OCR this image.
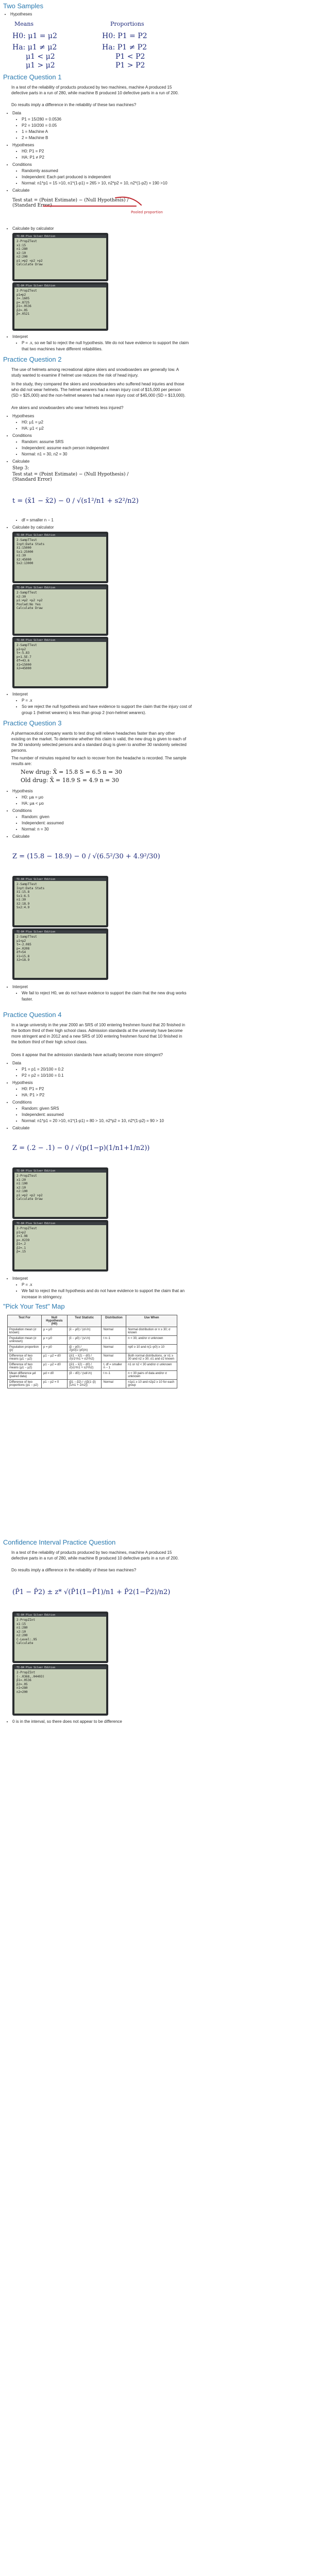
Two Samples
• Hypotheses
Means
H0: μ1 = μ2
Ha: μ1 ≠ μ2
μ1 < μ2
μ1 > μ2
Proportions
H0: P1 = P2
Ha: P1 ≠ P2
P1 < P2
P1 > P2
Practice Question 1
In a test of the reliability of products produced by two machines, machine A produced 15 defective parts in a run of 280, while machine B produced 10 defective parts in a run of 200.
Do results imply a difference in the reliability of these two machines?
• Data
• P1 = 15/280 = 0.0536
• P2 = 10/200 = 0.05
• 1 = Machine A
• 2 = Machine B
• Hypotheses
• H0: P1 = P2
• HA: P1 ≠ P2
• Conditions
• Randomly assumed
• Independent: Each part produced is independent
• Normal: n1*p1 = 15 >10, n1*(1-p1) = 265 > 10, n2*p2 = 10, n2*(1-p2) = 190 >10
• Calculate
Test stat = (Point Estimate) − (Null Hypothesis) / (Standard Error)
Pooled proportion
• Calculate by calculator
TI-84 Plus Silver Edition
2-PropZTest
x1:15
n1:280
x2:10
n2:200
p1:≠p2 <p2 >p2
Calculate Draw
TI-84 Plus Silver Edition
2-PropZTest
p1≠p2
z=.1605
p=.8725
p̂1=.0536
p̂2=.05
p̂=.0521
• Interpret
• P = .x, so we fail to reject the null hypothesis. We do not have evidence to support the claim that two machines have different reliabilities.
Practice Question 2
The use of helmets among recreational alpine skiers and snowboarders are generally low. A study wanted to examine if helmet use reduces the risk of head injury.
In the study, they compared the skiers and snowboarders who suffered head injuries and those who did not wear helmets. The helmet wearers had a mean injury cost of $15,000 per person (SD = $25,000) and the non-helmet wearers had a mean injury cost of $45,000 (SD = $13,000).
Are skiers and snowboarders who wear helmets less injured?
• Hypotheses
• H0: μ1 = μ2
• HA: μ1 < μ2
• Conditions
• Random: assume SRS
• Independent: assume each person independent
• Normal: n1 = 30, n2 = 30
• Calculate
Step 3:
Test stat = (Point Estimate) − (Null Hypothesis) / (Standard Error)
t = (x̄1 − x̄2) − 0 / √(s1²/n1 + s2²/n2)
• df = smaller n − 1
• Calculate by calculator
TI-84 Plus Silver Edition
2-SampTTest
Inpt:Data Stats
x̄1:15000
Sx1:25000
n1:30
x̄2:45000
Sx2:13000
TI-84 Plus Silver Edition
2-SampTTest
n2:30
μ1:≠μ2 <μ2 >μ2
Pooled:No Yes
Calculate Draw
TI-84 Plus Silver Edition
2-SampTTest
μ1<μ2
t=-5.83
p=1.5E-7
df=43.6
x̄1=15000
x̄2=45000
• Interpret
• P = .x
• So we reject the null hypothesis and have evidence to support the claim that the injury cost of group 1 (helmet wearers) is less than group 2 (non-helmet wearers).
Practice Question 3
A pharmaceutical company wants to test drug will relieve headaches faster than any other existing on the market. To determine whether this claim is valid, the new drug is given to each of the 30 randomly selected persons and a standard drug is given to another 30 randomly selected persons.
The number of minutes required for each to recover from the headache is recorded. The sample results are:
New drug: X̄ = 15.8 S = 6.5 n = 30
Old drug: X̄ = 18.9 S = 4.9 n = 30
• Hypothesis
• H0: μa = μo
• HA: μa < μo
• Conditions
• Random: given
• Independent: assumed
• Normal: n = 30
• Calculate
Z = (15.8 − 18.9) − 0 / √(6.5²/30 + 4.9²/30)
TI-84 Plus Silver Edition
2-SampTTest
Inpt:Data Stats
x̄1:15.8
Sx1:6.5
n1:30
x̄2:18.9
Sx2:4.9
TI-84 Plus Silver Edition
2-SampTTest
μ1<μ2
t=-2.085
p=.0208
df=54
x̄1=15.8
x̄2=18.9
• Interpret
• We fail to reject H0, we do not have evidence to support the claim that the new drug works faster.
Practice Question 4
In a large university in the year 2000 an SRS of 100 entering freshmen found that 20 finished in the bottom third of their high school class. Admission standards at the university have become more stringent and in 2012 and a new SRS of 100 entering freshmen found that 10 finished in the bottom third of their high school class.
Does it appear that the admission standards have actually become more stringent?
• Data
• P1 = p1 = 20/100 = 0.2
• P2 = p2 = 10/100 = 0.1
• Hypothesis
• H0: P1 = P2
• HA: P1 > P2
• Conditions
• Random: given SRS
• Independent: assumed
• Normal: n1*p1 = 20 >10, n1*(1-p1) = 80 > 10, n2*p2 = 10, n2*(1-p2) = 90 > 10
• Calculate
Z = (.2 − .1) − 0 / √(p(1−p)(1/n1+1/n2))
TI-84 Plus Silver Edition
2-PropZTest
x1:20
n1:100
x2:10
n2:100
p1:≠p2 <p2 >p2
Calculate Draw
TI-84 Plus Silver Edition
2-PropZTest
p1>p2
z=1.98
p=.0239
p̂1=.2
p̂2=.1
p̂=.15
• Interpret
• P = .x
• We fail to reject the null hypothesis and do not have evidence to support the claim that an increase in stringency.
"Pick Your Test" Map
Test For	Null Hypothesis (H0)	Test Statistic	Distribution	Use When
Population mean (σ known)	μ = μ0	(x̄ − μ0) / (σ/√n)	Normal	Normal distribution or n ≥ 30; σ known
Population mean (σ unknown)	μ = μ0	(x̄ − μ0) / (s/√n)	t n−1	n < 30, and/or σ unknown
Population proportion (p)	p = p0	(p̂ − p0) / √(p0(1−p0)/n)	Normal	np0 ≥ 10 and n(1−p0) ≥ 10
Difference of two means (μ1 − μ2)	μ1 − μ2 = d0	((x̄1 − x̄2) − d0) / √(σ1²/n1 + σ2²/n2)	Normal	Both normal distributions, or n1 ≥ 30 and n2 ≥ 30; σ1 and σ2 known
Difference of two means (μ1 − μ2)	μ1 − μ2 = d0	((x̄1 − x̄2) − d0) / √(s1²/n1 + s2²/n2)	t, df = smaller n − 1	n1 or n2 < 30 and/or σ unknown
Mean difference μd (paired data)	μd = d0	(d̄ − d0) / (sd/√n)	t n−1	n < 30 pairs of data and/or σ unknown
Difference of two proportions (p1 − p2)	p1 − p2 = 0	(p̂1 − p̂2) / √(p̂(1−p̂)(1/n1 + 1/n2))	Normal	n1p1 ≥ 10 and n2p2 ≥ 10 for each group
Confidence Interval Practice Question
In a test of the reliability of products produced by two machines, machine A produced 15 defective parts in a run of 280, while machine B produced 10 defective parts in a run of 200.
Do results imply a difference in the reliability of these two machines?
(P̂1 − P̂2) ± z* √(P̂1(1−P̂1)/n1 + P̂2(1−P̂2)/n2)
TI-84 Plus Silver Edition
2-PropZInt
x1:15
n1:280
x2:10
n2:200
C-Level:.95
Calculate
TI-84 Plus Silver Edition
2-PropZInt
(-.0368,.04403)
p̂1=.0536
p̂2=.05
n1=280
n2=200
• 0 is in the interval, so there does not appear to be difference
